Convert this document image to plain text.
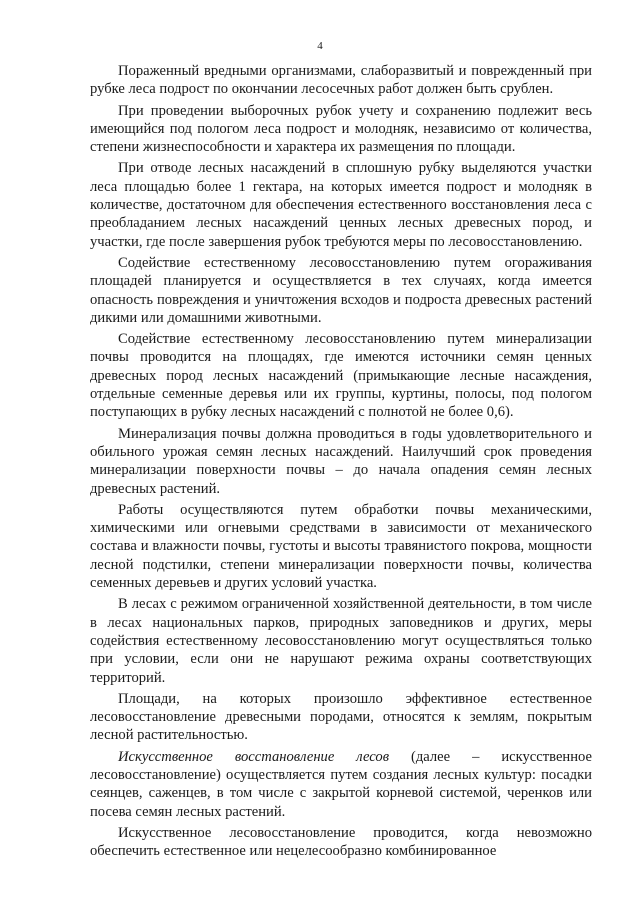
4

Пораженный вредными организмами, слаборазвитый и поврежденный при рубке леса подрост по окончании лесосечных работ должен быть срублен.

При проведении выборочных рубок учету и сохранению подлежит весь имеющийся под пологом леса подрост и молодняк, независимо от количества, степени жизнеспособности и характера их размещения по площади.

При отводе лесных насаждений в сплошную рубку выделяются участки леса площадью более 1 гектара, на которых имеется подрост и молодняк в количестве, достаточном для обеспечения естественного восстановления леса с преобладанием лесных насаждений ценных лесных древесных пород, и участки, где после завершения рубок требуются меры по лесовосстановлению.

Содействие естественному лесовосстановлению путем огораживания площадей планируется и осуществляется в тех случаях, когда имеется опасность повреждения и уничтожения всходов и подроста древесных растений дикими или домашними животными.

Содействие естественному лесовосстановлению путем минерализации почвы проводится на площадях, где имеются источники семян ценных древесных пород лесных насаждений (примыкающие лесные насаждения, отдельные семенные деревья или их группы, куртины, полосы, под пологом поступающих в рубку лесных насаждений с полнотой не более 0,6).

Минерализация почвы должна проводиться в годы удовлетворительного и обильного урожая семян лесных насаждений. Наилучший срок проведения минерализации поверхности почвы – до начала опадения семян лесных древесных растений.

Работы осуществляются путем обработки почвы механическими, химическими или огневыми средствами в зависимости от механического состава и влажности почвы, густоты и высоты травянистого покрова, мощности лесной подстилки, степени минерализации поверхности почвы, количества семенных деревьев и других условий участка.

В лесах с режимом ограниченной хозяйственной деятельности, в том числе в лесах национальных парков, природных заповедников и других, меры содействия естественному лесовосстановлению могут осуществляться только при условии, если они не нарушают режима охраны соответствующих территорий.

Площади, на которых произошло эффективное естественное лесовосстановление древесными породами, относятся к землям, покрытым лесной растительностью.

Искусственное восстановление лесов (далее – искусственное лесовосстановление) осуществляется путем создания лесных культур: посадки сеянцев, саженцев, в том числе с закрытой корневой системой, черенков или посева семян лесных растений.

Искусственное лесовосстановление проводится, когда невозможно обеспечить естественное или нецелесообразно комбинированное
